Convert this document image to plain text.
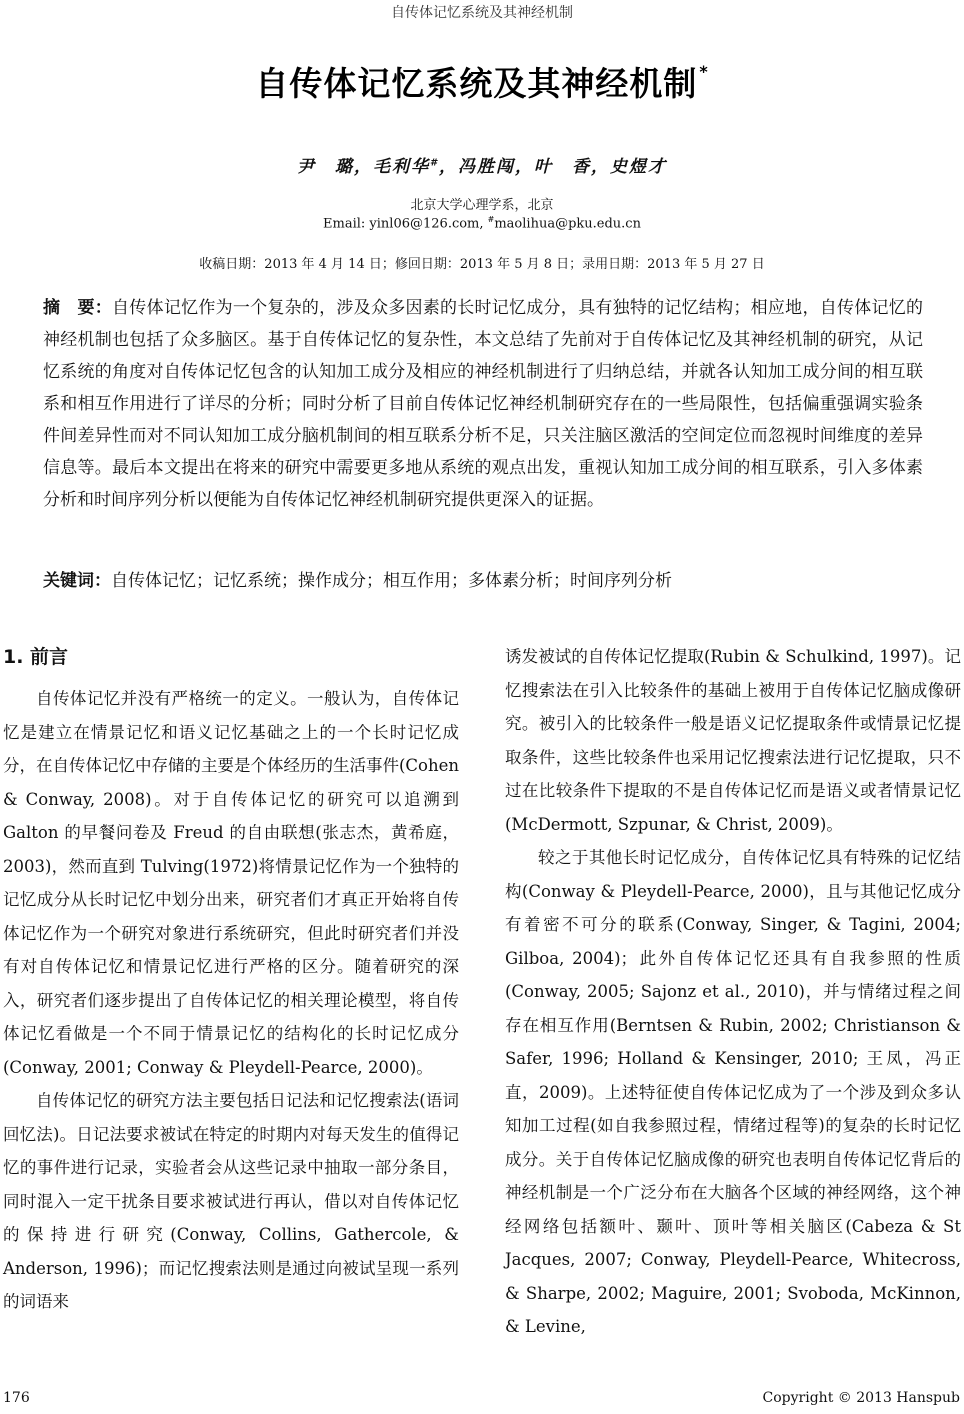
自传体记忆系统及其神经机制
自传体记忆系统及其神经机制 *
尹　璐，毛利华#，冯胜闯，叶　香，史煜才
北京大学心理学系，北京
Email: yinl06@126.com, #maolihua@pku.edu.cn
收稿日期：2013 年 4 月 14 日；修回日期：2013 年 5 月 8 日；录用日期：2013 年 5 月 27 日
摘　要：自传体记忆作为一个复杂的，涉及众多因素的长时记忆成分，具有独特的记忆结构；相应地，自传体记忆的神经机制也包括了众多脑区。基于自传体记忆的复杂性，本文总结了先前对于自传体记忆及其神经机制的研究，从记忆系统的角度对自传体记忆包含的认知加工成分及相应的神经机制进行了归纳总结，并就各认知加工成分间的相互联系和相互作用进行了详尽的分析；同时分析了目前自传体记忆神经机制研究存在的一些局限性，包括偏重强调实验条件间差异性而对不同认知加工成分脑机制间的相互联系分析不足，只关注脑区激活的空间定位而忽视时间维度的差异信息等。最后本文提出在将来的研究中需要更多地从系统的观点出发，重视认知加工成分间的相互联系，引入多体素分析和时间序列分析以便能为自传体记忆神经机制研究提供更深入的证据。
关键词：自传体记忆；记忆系统；操作成分；相互作用；多体素分析；时间序列分析
1. 前言

自传体记忆并没有严格统一的定义。一般认为，自传体记忆是建立在情景记忆和语义记忆基础之上的一个长时记忆成分，在自传体记忆中存储的主要是个体经历的生活事件(Cohen & Conway, 2008)。对于自传体记忆的研究可以追溯到 Galton 的早餐问卷及 Freud 的自由联想(张志杰，黄希庭，2003)，然而直到 Tulving(1972)将情景记忆作为一个独特的记忆成分从长时记忆中划分出来，研究者们才真正开始将自传体记忆作为一个研究对象进行系统研究，但此时研究者们并没有对自传体记忆和情景记忆进行严格的区分。随着研究的深入，研究者们逐步提出了自传体记忆的相关理论模型，将自传体记忆看做是一个不同于情景记忆的结构化的长时记忆成分(Conway, 2001; Conway & Pleydell-Pearce, 2000)。

自传体记忆的研究方法主要包括日记法和记忆搜索法(语词回忆法)。日记法要求被试在特定的时期内对每天发生的值得记忆的事件进行记录，实验者会从这些记录中抽取一部分条目，同时混入一定干扰条目要求被试进行再认，借以对自传体记忆的保持进行研究(Conway, Collins, Gathercole, & Anderson, 1996)；而记忆搜索法则是通过向被试呈现一系列的词语来

诱发被试的自传体记忆提取(Rubin & Schulkind, 1997)。记忆搜索法在引入比较条件的基础上被用于自传体记忆脑成像研究。被引入的比较条件一般是语义记忆提取条件或情景记忆提取条件，这些比较条件也采用记忆搜索法进行记忆提取，只不过在比较条件下提取的不是自传体记忆而是语义或者情景记忆(McDermott, Szpunar, & Christ, 2009)。

较之于其他长时记忆成分，自传体记忆具有特殊的记忆结构(Conway & Pleydell-Pearce, 2000)，且与其他记忆成分有着密不可分的联系(Conway, Singer, & Tagini, 2004; Gilboa, 2004)；此外自传体记忆还具有自我参照的性质(Conway, 2005; Sajonz et al., 2010)，并与情绪过程之间存在相互作用(Berntsen & Rubin, 2002; Christianson & Safer, 1996; Holland & Kensinger, 2010; 王凤，冯正直，2009)。上述特征使自传体记忆成为了一个涉及到众多认知加工过程(如自我参照过程，情绪过程等)的复杂的长时记忆成分。关于自传体记忆脑成像的研究也表明自传体记忆背后的神经机制是一个广泛分布在大脑各个区域的神经网络，这个神经网络包括额叶、颞叶、顶叶等相关脑区(Cabeza & St Jacques, 2007; Conway, Pleydell-Pearce, Whitecross, & Sharpe, 2002; Maguire, 2001; Svoboda, McKinnon, & Levine,

176	Copyright © 2013 Hanspub
